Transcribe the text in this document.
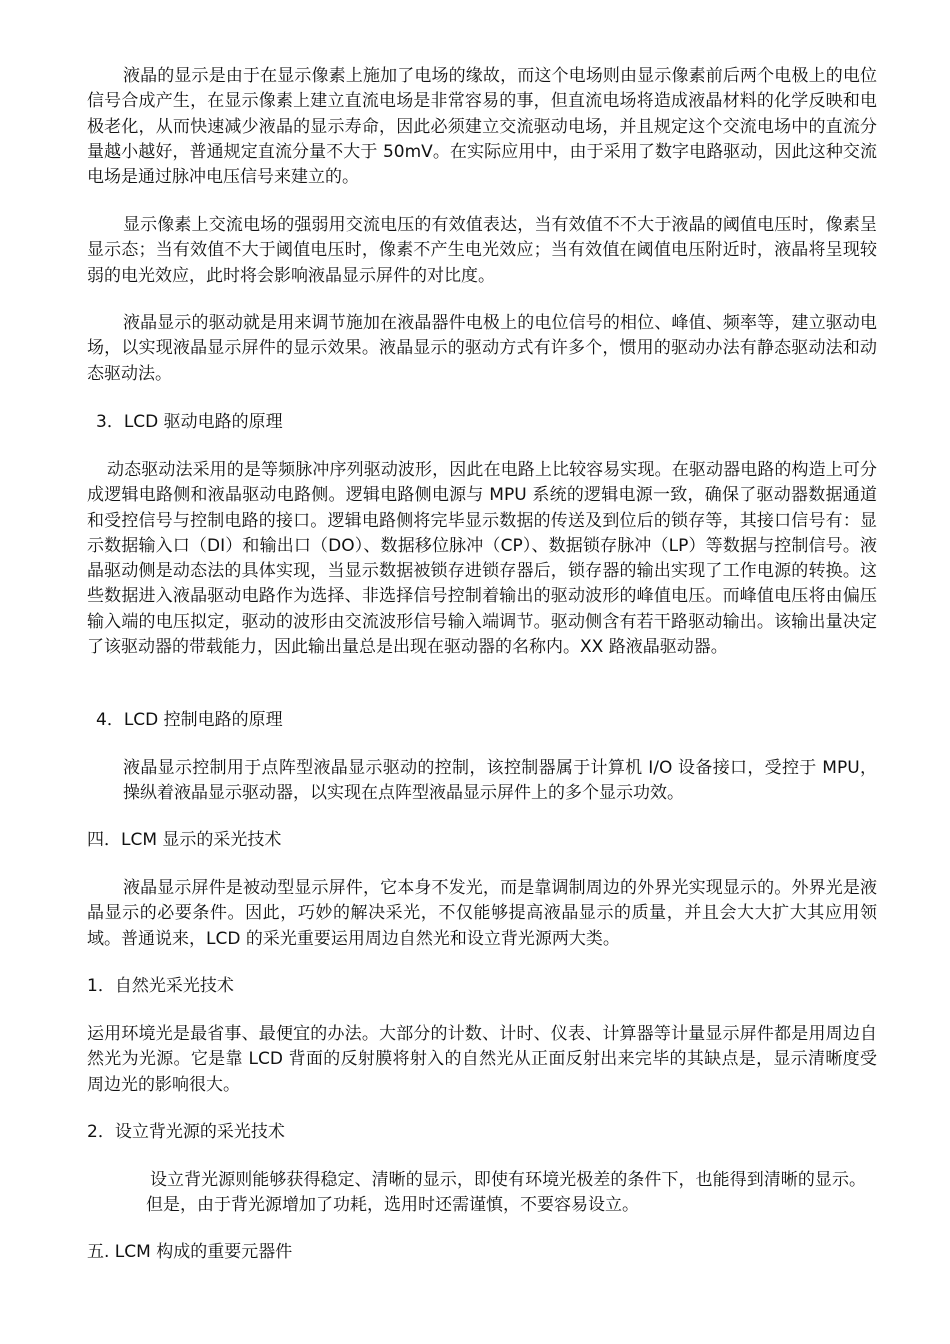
液晶的显示是由于在显示像素上施加了电场的缘故，而这个电场则由显示像素前后两个电极上的电位信号合成产生，在显示像素上建立直流电场是非常容易的事，但直流电场将造成液晶材料的化学反映和电极老化，从而快速减少液晶的显示寿命，因此必须建立交流驱动电场，并且规定这个交流电场中的直流分量越小越好，普通规定直流分量不大于 50mV。在实际应用中，由于采用了数字电路驱动，因此这种交流电场是通过脉冲电压信号来建立的。

显示像素上交流电场的强弱用交流电压的有效值表达，当有效值不不大于液晶的阈值电压时，像素呈显示态；当有效值不大于阈值电压时，像素不产生电光效应；当有效值在阈值电压附近时，液晶将呈现较弱的电光效应，此时将会影响液晶显示屏件的对比度。

液晶显示的驱动就是用来调节施加在液晶器件电极上的电位信号的相位、峰值、频率等，建立驱动电场，以实现液晶显示屏件的显示效果。液晶显示的驱动方式有许多个，惯用的驱动办法有静态驱动法和动态驱动法。

3．LCD 驱动电路的原理

动态驱动法采用的是等频脉冲序列驱动波形，因此在电路上比较容易实现。在驱动器电路的构造上可分成逻辑电路侧和液晶驱动电路侧。逻辑电路侧电源与 MPU 系统的逻辑电源一致，确保了驱动器数据通道和受控信号与控制电路的接口。逻辑电路侧将完毕显示数据的传送及到位后的锁存等，其接口信号有：显示数据输入口（DI）和输出口（DO）、数据移位脉冲（CP）、数据锁存脉冲（LP）等数据与控制信号。液晶驱动侧是动态法的具体实现，当显示数据被锁存进锁存器后，锁存器的输出实现了工作电源的转换。这些数据进入液晶驱动电路作为选择、非选择信号控制着输出的驱动波形的峰值电压。而峰值电压将由偏压输入端的电压拟定，驱动的波形由交流波形信号输入端调节。驱动侧含有若干路驱动输出。该输出量决定了该驱动器的带载能力，因此输出量总是出现在驱动器的名称内。XX 路液晶驱动器。

4．LCD 控制电路的原理

液晶显示控制用于点阵型液晶显示驱动的控制，该控制器属于计算机 I/O 设备接口，受控于 MPU，操纵着液晶显示驱动器，以实现在点阵型液晶显示屏件上的多个显示功效。

四．LCM 显示的采光技术

液晶显示屏件是被动型显示屏件，它本身不发光，而是靠调制周边的外界光实现显示的。外界光是液晶显示的必要条件。因此，巧妙的解决采光，不仅能够提高液晶显示的质量，并且会大大扩大其应用领域。普通说来，LCD 的采光重要运用周边自然光和设立背光源两大类。

1．自然光采光技术

运用环境光是最省事、最便宜的办法。大部分的计数、计时、仪表、计算器等计量显示屏件都是用周边自然光为光源。它是靠 LCD 背面的反射膜将射入的自然光从正面反射出来完毕的其缺点是，显示清晰度受周边光的影响很大。

2．设立背光源的采光技术

设立背光源则能够获得稳定、清晰的显示，即使有环境光极差的条件下，也能得到清晰的显示。但是，由于背光源增加了功耗，选用时还需谨慎，不要容易设立。

五. LCM 构成的重要元器件
